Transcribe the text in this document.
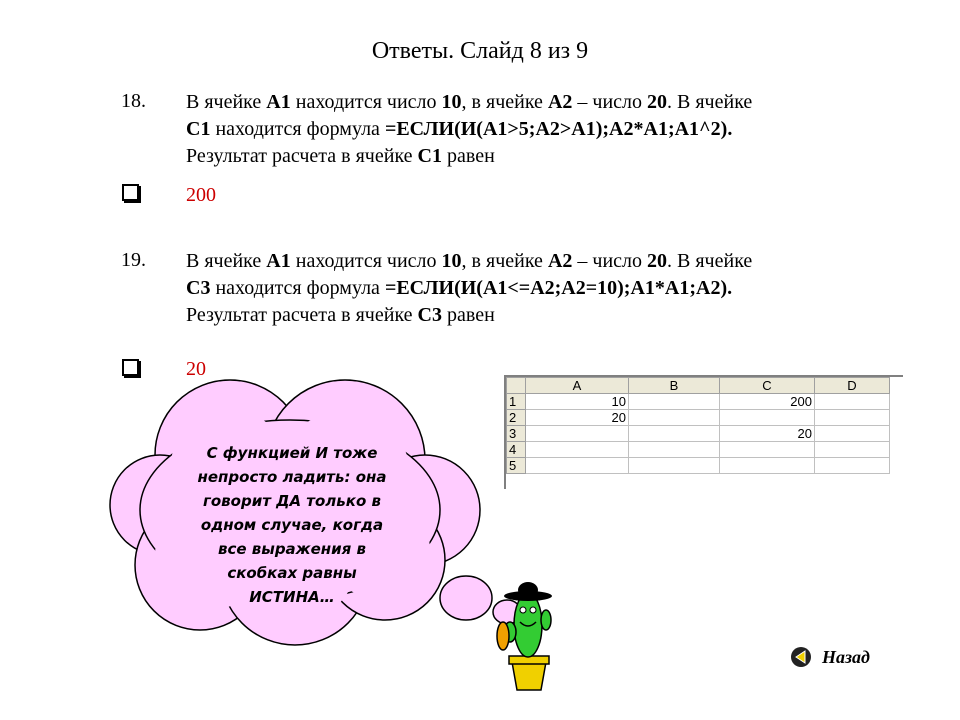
Ответы. Слайд 8 из 9
18. В ячейке А1 находится число 10, в ячейке А2 – число 20. В ячейке
С1 находится формула =ЕСЛИ(И(А1>5;А2>А1);А2*А1;А1^2).
Результат расчета в ячейке С1 равен
200
19. В ячейке А1 находится число 10, в ячейке А2 – число 20. В ячейке
С3 находится формула =ЕСЛИ(И(А1<=А2;А2=10);А1*А1;А2).
Результат расчета в ячейке С3 равен
20
	A	B	C	D
1	10		200	
2	20			
3			20	
4				
5				
С функцией И тоже
непросто ладить: она
говорит ДА только в
одном случае, когда
все выражения в
скобках равны
ИСТИНА…
Назад
